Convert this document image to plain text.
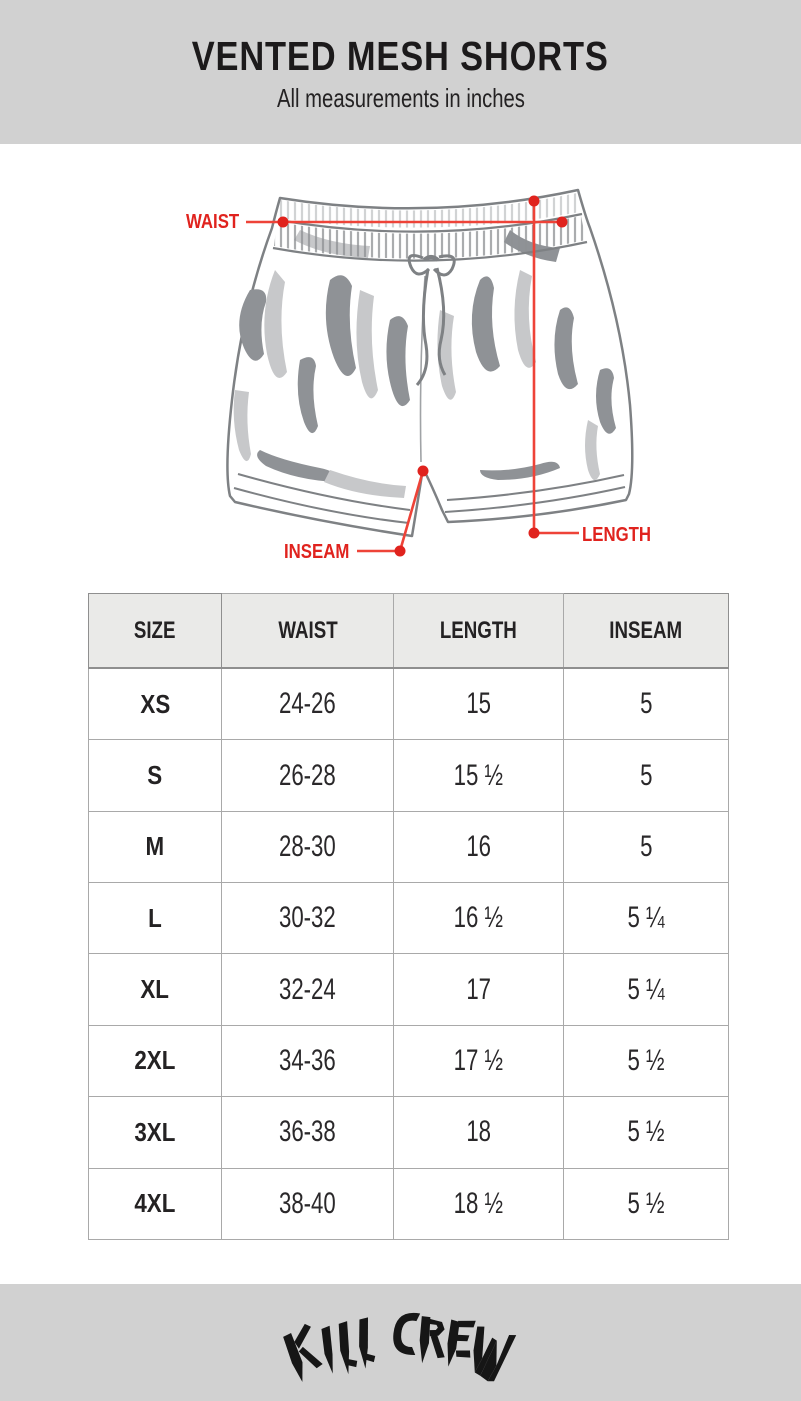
VENTED MESH SHORTS

All measurements in inches

WAIST
LENGTH
INSEAM
SIZE	WAIST	LENGTH	INSEAM
XS	24-26	15	5
S	26-28	15 ½	5
M	28-30	16	5
L	30-32	16 ½	5 ¼
XL	32-24	17	5 ¼
2XL	34-36	17 ½	5 ½
3XL	36-38	18	5 ½
4XL	38-40	18 ½	5 ½
